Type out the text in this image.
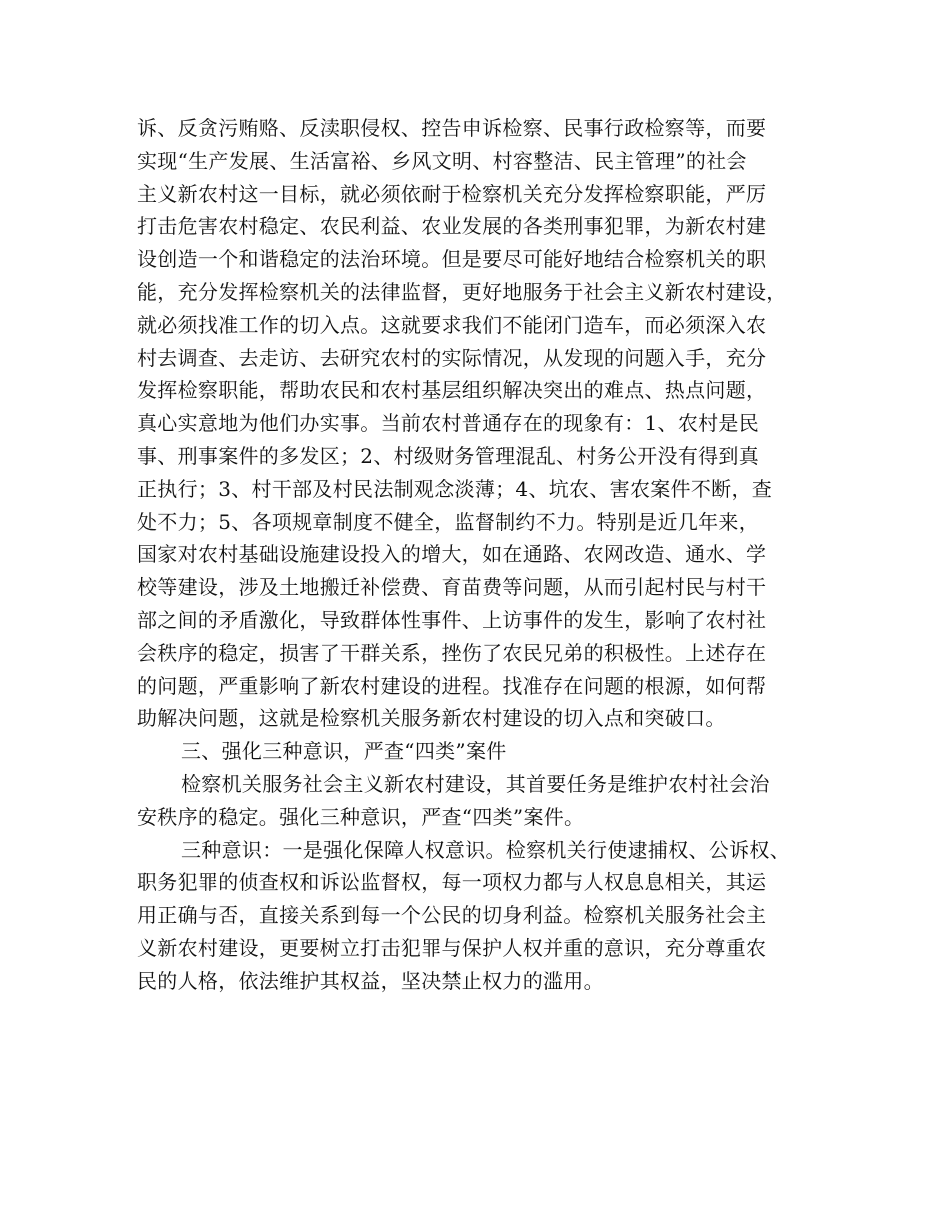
诉、反贪污贿赂、反渎职侵权、控告申诉检察、民事行政检察等，而要
实现“生产发展、生活富裕、乡风文明、村容整洁、民主管理”的社会
主义新农村这一目标，就必须依耐于检察机关充分发挥检察职能，严厉
打击危害农村稳定、农民利益、农业发展的各类刑事犯罪，为新农村建
设创造一个和谐稳定的法治环境。但是要尽可能好地结合检察机关的职
能，充分发挥检察机关的法律监督，更好地服务于社会主义新农村建设，
就必须找准工作的切入点。这就要求我们不能闭门造车，而必须深入农
村去调查、去走访、去研究农村的实际情况，从发现的问题入手，充分
发挥检察职能，帮助农民和农村基层组织解决突出的难点、热点问题，
真心实意地为他们办实事。当前农村普通存在的现象有：1、农村是民
事、刑事案件的多发区；2、村级财务管理混乱、村务公开没有得到真
正执行；3、村干部及村民法制观念淡薄；4、坑农、害农案件不断，查
处不力；5、各项规章制度不健全，监督制约不力。特别是近几年来，
国家对农村基础设施建设投入的增大，如在通路、农网改造、通水、学
校等建设，涉及土地搬迁补偿费、育苗费等问题，从而引起村民与村干
部之间的矛盾激化，导致群体性事件、上访事件的发生，影响了农村社
会秩序的稳定，损害了干群关系，挫伤了农民兄弟的积极性。上述存在
的问题，严重影响了新农村建设的进程。找准存在问题的根源，如何帮
助解决问题，这就是检察机关服务新农村建设的切入点和突破口。
三、强化三种意识，严查“四类”案件
检察机关服务社会主义新农村建设，其首要任务是维护农村社会治
安秩序的稳定。强化三种意识，严查“四类”案件。
三种意识：一是强化保障人权意识。检察机关行使逮捕权、公诉权、
职务犯罪的侦查权和诉讼监督权，每一项权力都与人权息息相关，其运
用正确与否，直接关系到每一个公民的切身利益。检察机关服务社会主
义新农村建设，更要树立打击犯罪与保护人权并重的意识，充分尊重农
民的人格，依法维护其权益，坚决禁止权力的滥用。
